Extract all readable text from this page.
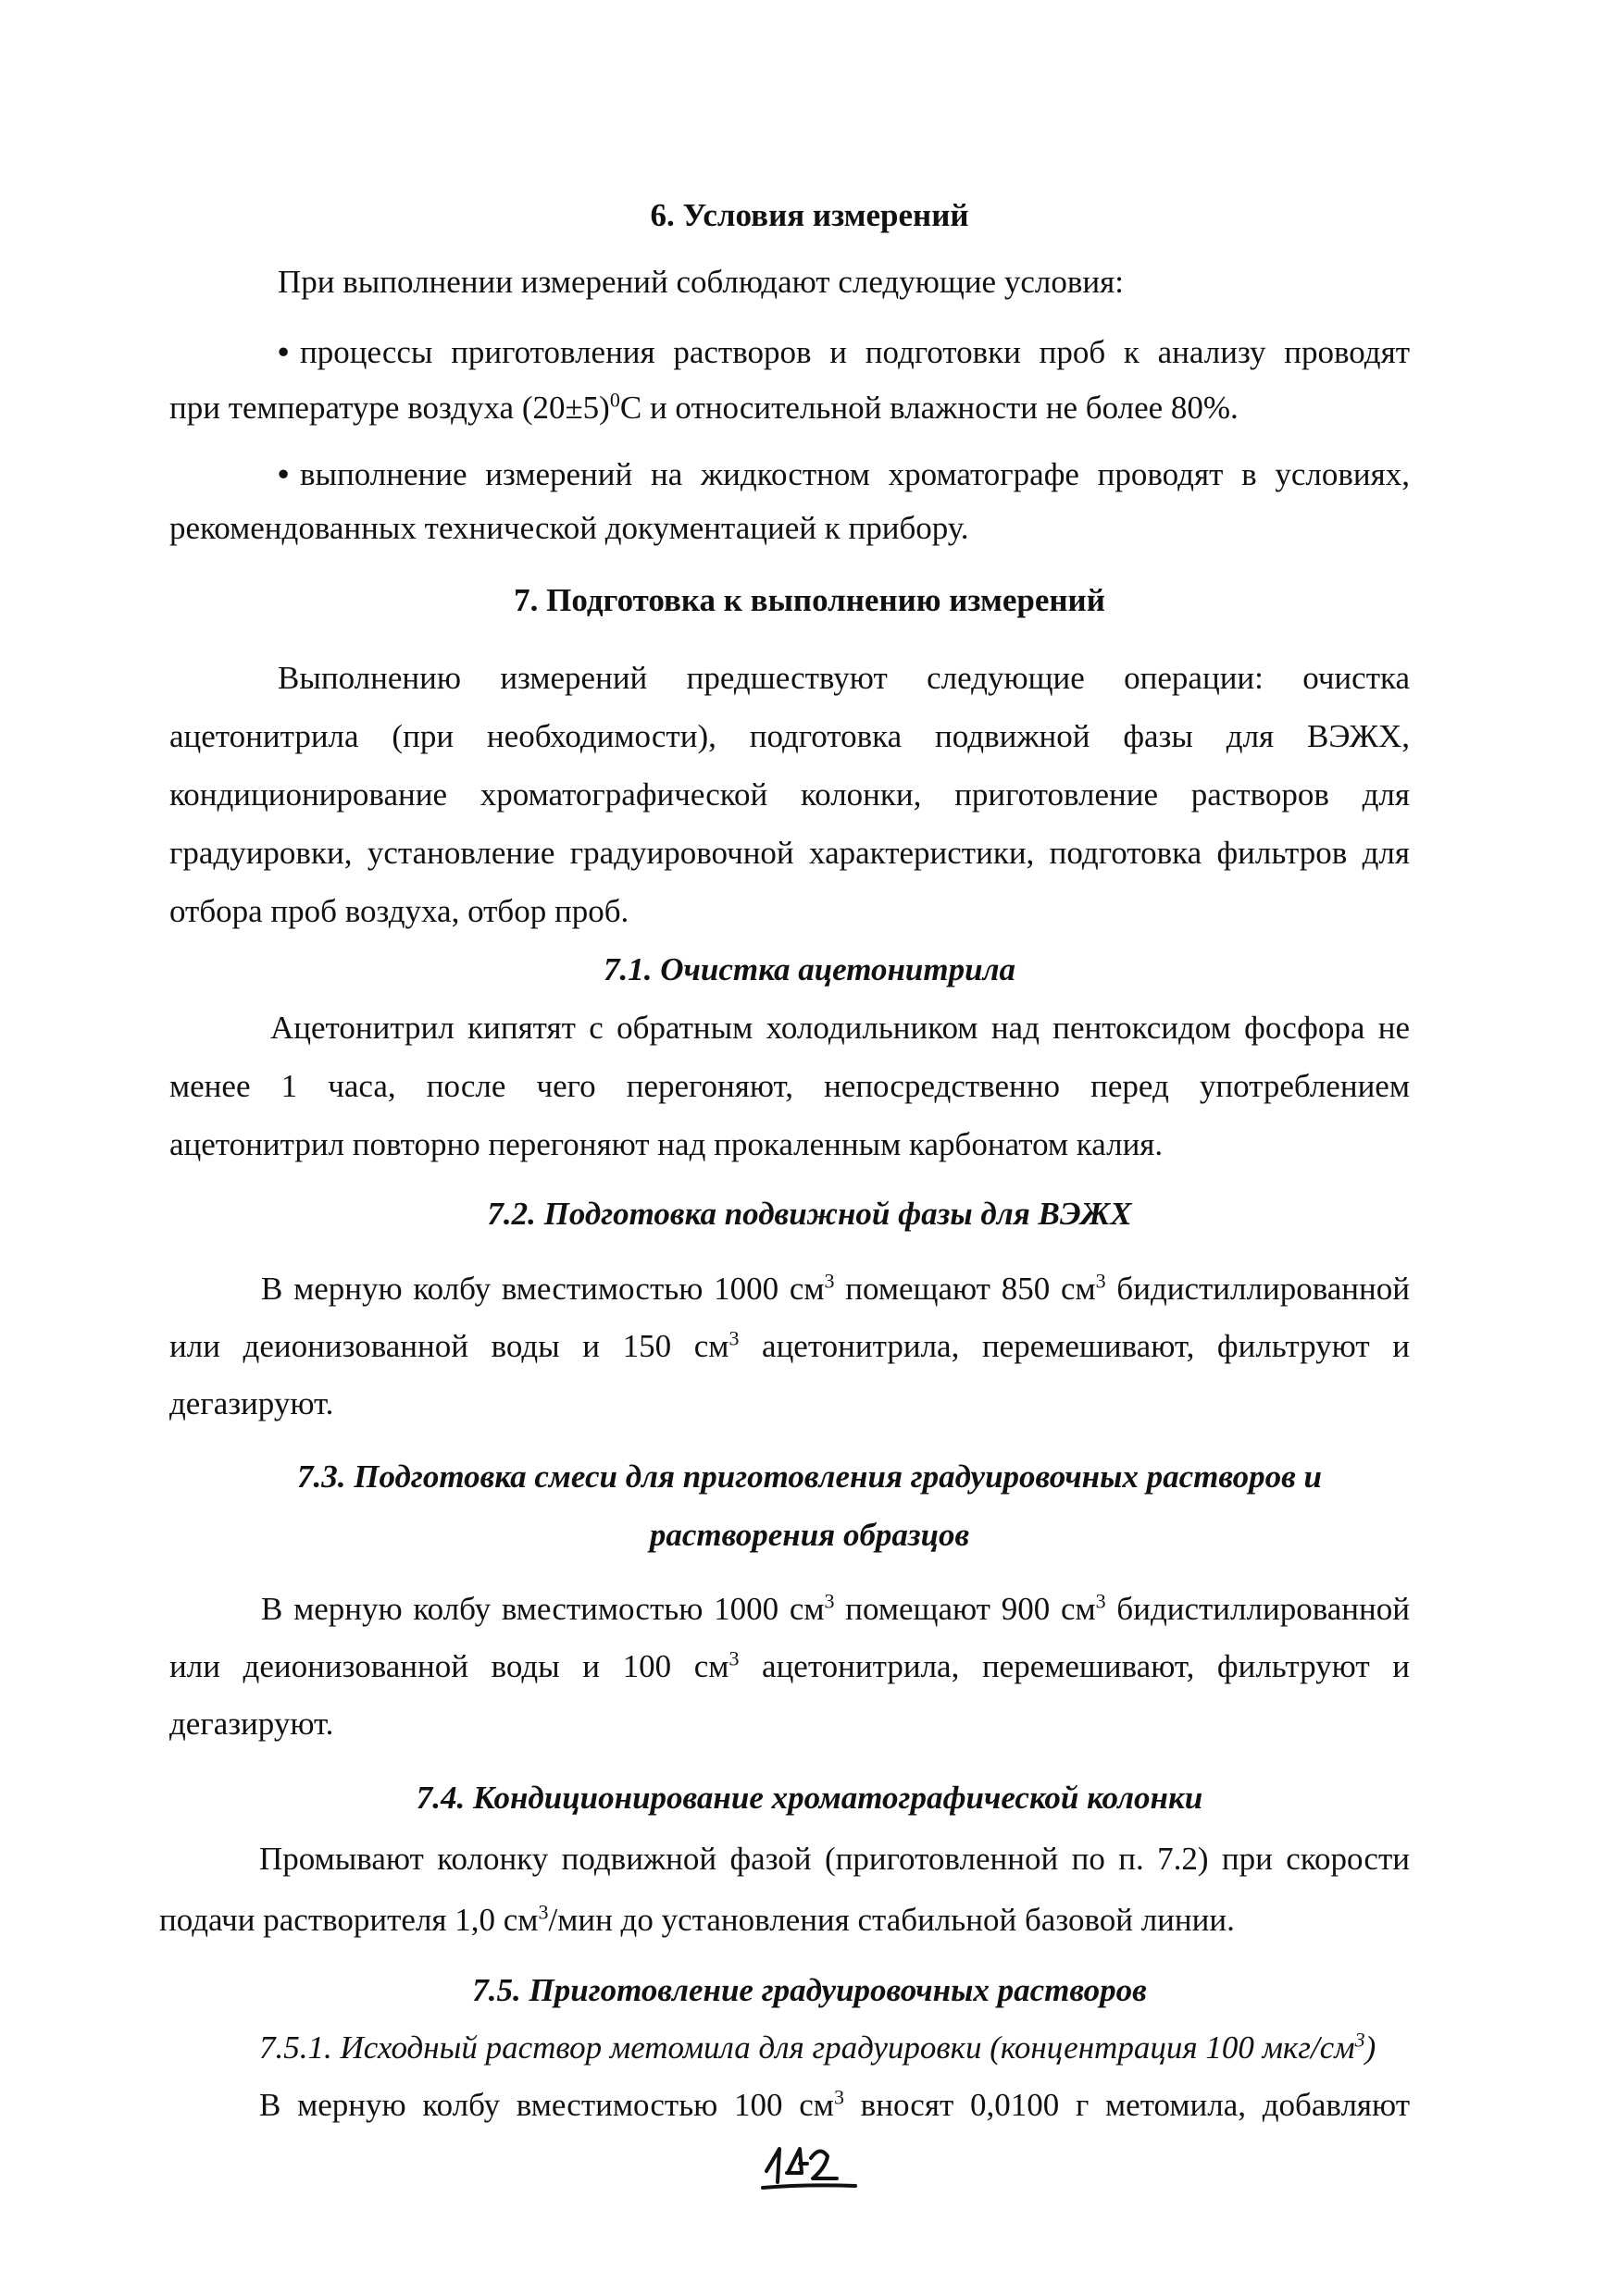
6. Условия измерений

При выполнении измерений соблюдают следующие условия:

• процессы приготовления растворов и подготовки проб к анализу проводят

при температуре воздуха $(20\pm 5)^0С$ и относительной влажности не более 80%.

• выполнение измерений на жидкостном хроматографе проводят в условиях,

рекомендованных технической документацией к прибору.

7. Подготовка к выполнению измерений

Выполнению измерений предшествуют следующие операции: очистка

ацетонитрила (при необходимости), подготовка подвижной фазы для ВЭЖХ,

кондиционирование хроматографической колонки, приготовление растворов для

градуировки, установление градуировочной характеристики, подготовка фильтров для

отбора проб воздуха, отбор проб.

7.1. Очистка ацетонитрила

Ацетонитрил кипятят с обратным холодильником над пентоксидом фосфора не

менее 1 часа, после чего перегоняют, непосредственно перед употреблением

ацетонитрил повторно перегоняют над прокаленным карбонатом калия.

7.2. Подготовка подвижной фазы для ВЭЖХ

В мерную колбу вместимостью 1000 $см^3$ помещают 850 $см^3$ бидистиллированной

или деионизованной воды и 150 $см^3$ ацетонитрила, перемешивают, фильтруют и

дегазируют.

7.3. Подготовка смеси для приготовления градуировочных растворов и

растворения образцов

В мерную колбу вместимостью 1000 $см^3$ помещают 900 $см^3$ бидистиллированной

или деионизованной воды и 100 $см^3$ ацетонитрила, перемешивают, фильтруют и

дегазируют.

7.4. Кондиционирование хроматографической колонки

Промывают колонку подвижной фазой (приготовленной по п. 7.2) при скорости

подачи растворителя 1,0 $см^3$/мин до установления стабильной базовой линии.

7.5. Приготовление градуировочных растворов

7.5.1. Исходный раствор метомила для градуировки (концентрация 100 мкг/$см^3$)

В мерную колбу вместимостью 100 $см^3$ вносят 0,0100 г метомила, добавляют

142
